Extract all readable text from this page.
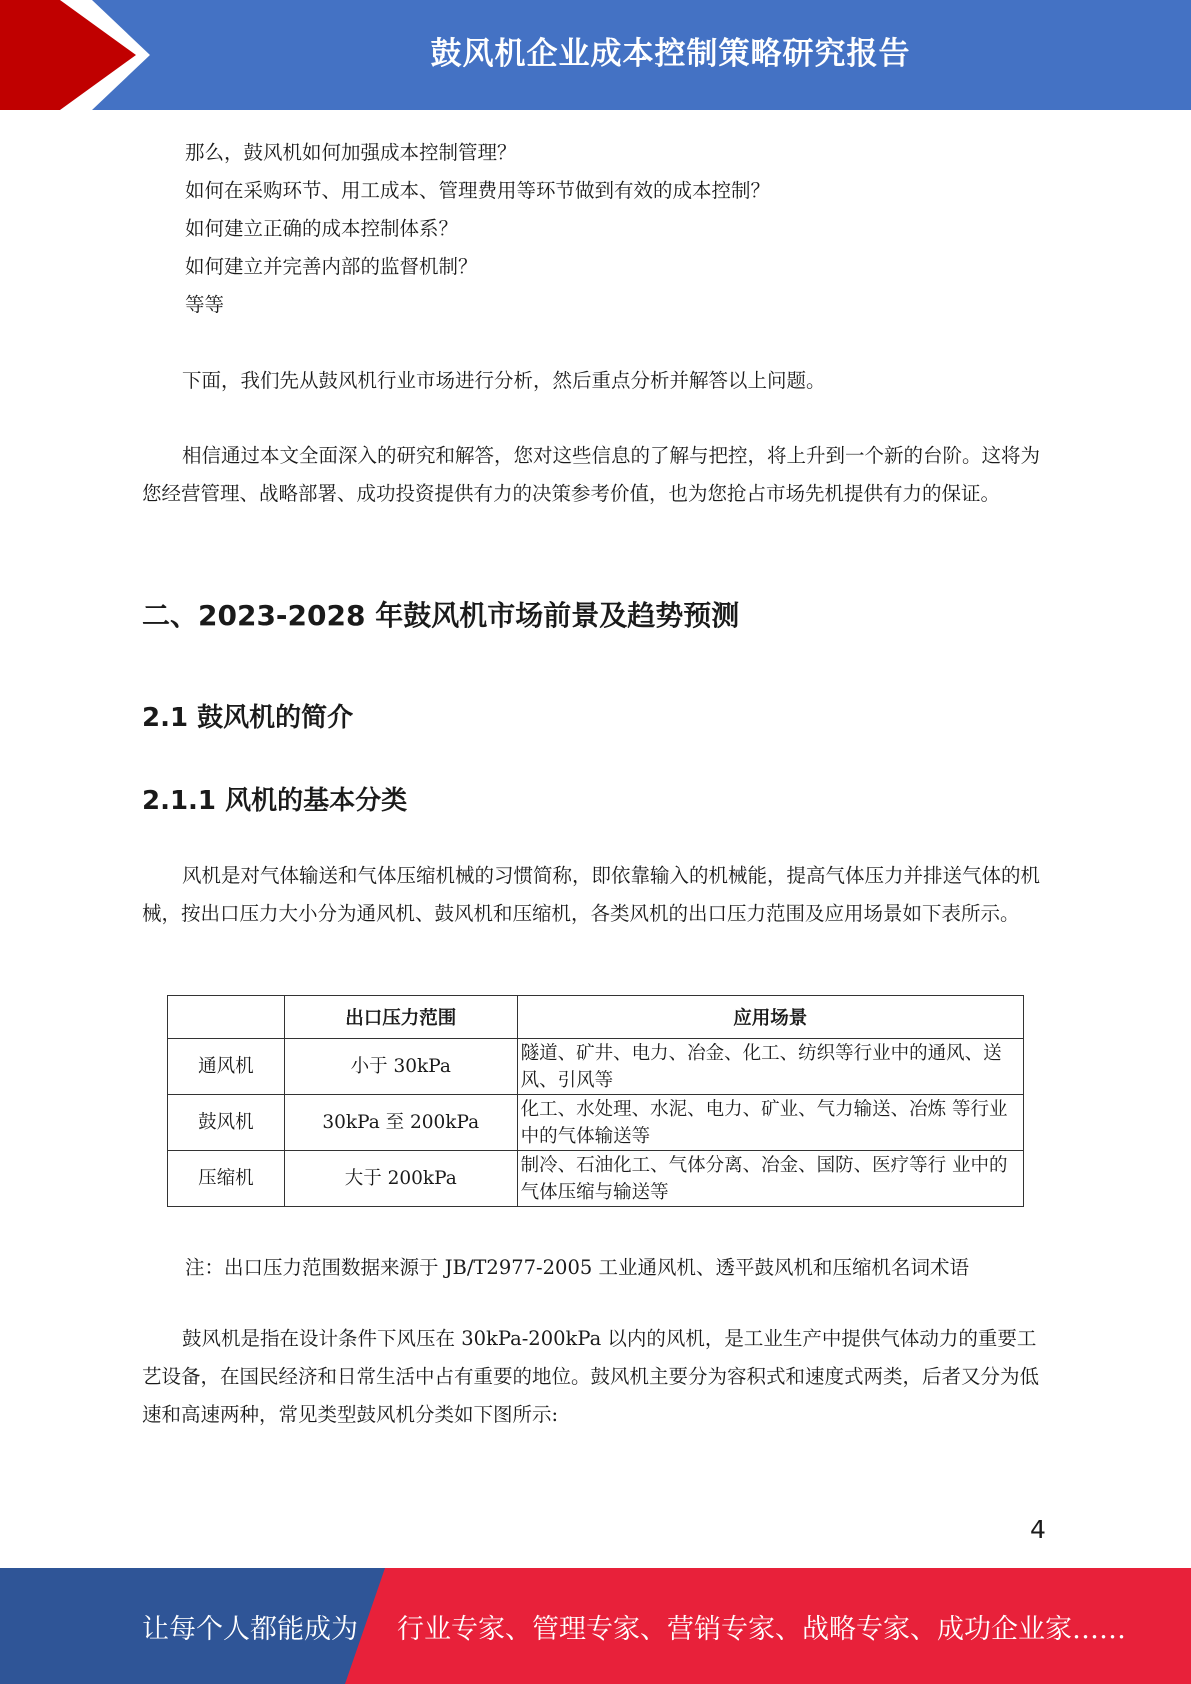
鼓风机企业成本控制策略研究报告

那么，鼓风机如何加强成本控制管理？

如何在采购环节、用工成本、管理费用等环节做到有效的成本控制？

如何建立正确的成本控制体系？

如何建立并完善内部的监督机制？

等等

下面，我们先从鼓风机行业市场进行分析，然后重点分析并解答以上问题。

相信通过本文全面深入的研究和解答，您对这些信息的了解与把控，将上升到一个新的台阶。这将为您经营管理、战略部署、成功投资提供有力的决策参考价值，也为您抢占市场先机提供有力的保证。

二、2023-2028 年鼓风机市场前景及趋势预测
2.1 鼓风机的简介
2.1.1 风机的基本分类

风机是对气体输送和气体压缩机械的习惯简称，即依靠输入的机械能，提高气体压力并排送气体的机械，按出口压力大小分为通风机、鼓风机和压缩机，各类风机的出口压力范围及应用场景如下表所示。

	出口压力范围	应用场景
通风机	小于 30kPa	隧道、矿井、电力、冶金、化工、纺织等行业中的通风、送风、引风等
鼓风机	30kPa 至 200kPa	化工、水处理、水泥、电力、矿业、气力输送、冶炼 等行业中的气体输送等
压缩机	大于 200kPa	制冷、石油化工、气体分离、冶金、国防、医疗等行 业中的气体压缩与输送等

注：出口压力范围数据来源于 JB/T2977-2005 工业通风机、透平鼓风机和压缩机名词术语

鼓风机是指在设计条件下风压在 30kPa-200kPa 以内的风机，是工业生产中提供气体动力的重要工艺设备，在国民经济和日常生活中占有重要的地位。鼓风机主要分为容积式和速度式两类，后者又分为低速和高速两种，常见类型鼓风机分类如下图所示:

4
让每个人都能成为 行业专家、管理专家、营销专家、战略专家、成功企业家……
